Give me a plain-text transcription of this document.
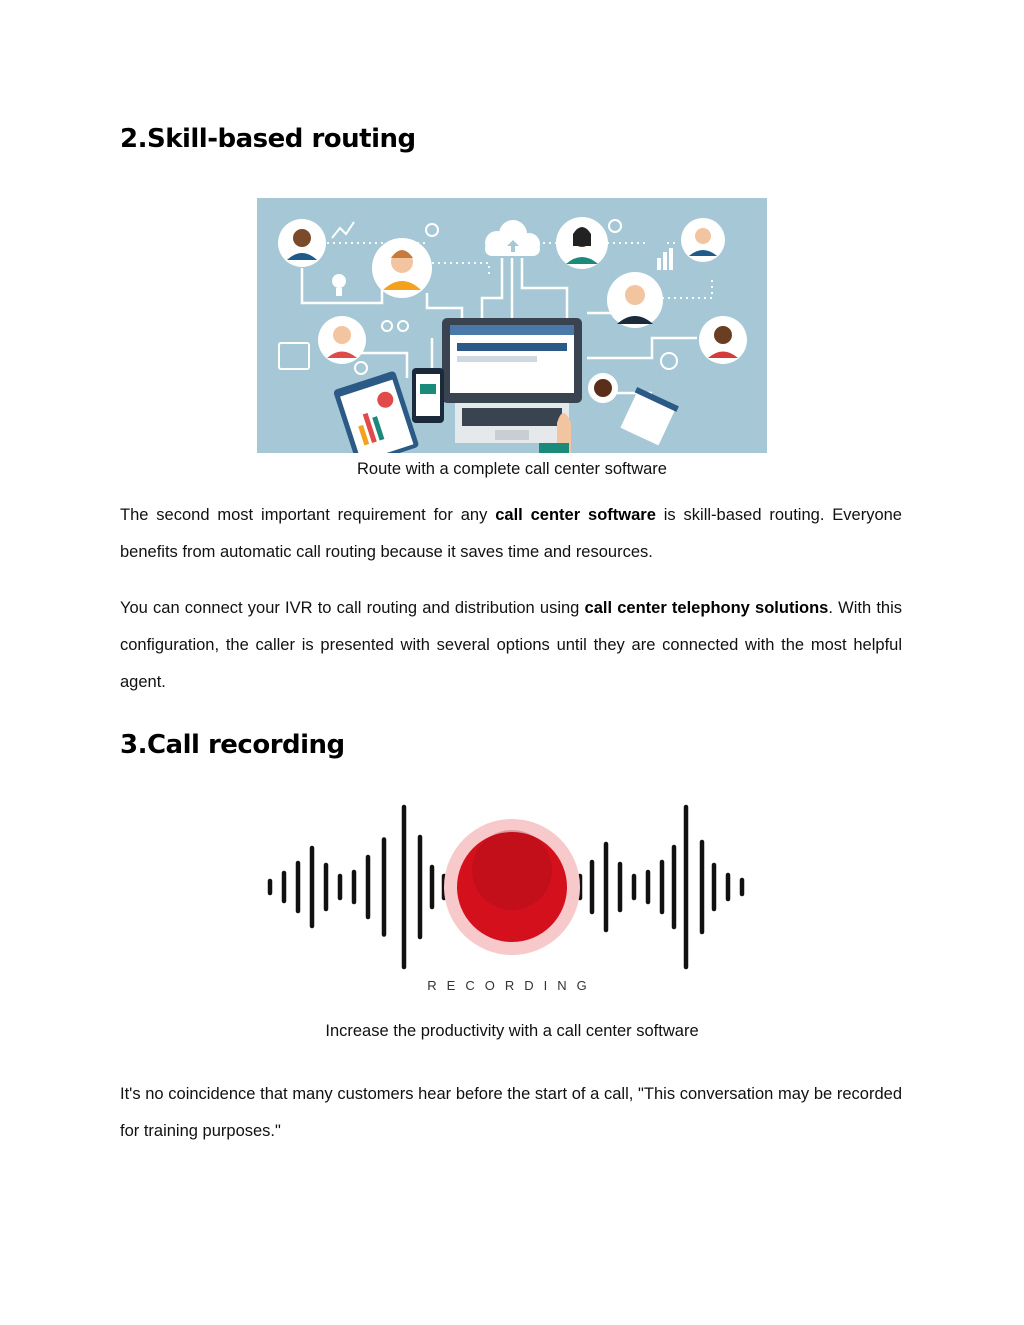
2.Skill-based routing

Route with a complete call center software

The second most important requirement for any call center software is skill-based routing. Everyone benefits from automatic call routing because it saves time and resources.

You can connect your IVR to call routing and distribution using call center telephony solutions. With this configuration, the caller is presented with several options until they are connected with the most helpful agent.

3.Call recording
RECORDING

Increase the productivity with a call center software

It's no coincidence that many customers hear before the start of a call, "This conversation may be recorded for training purposes."
